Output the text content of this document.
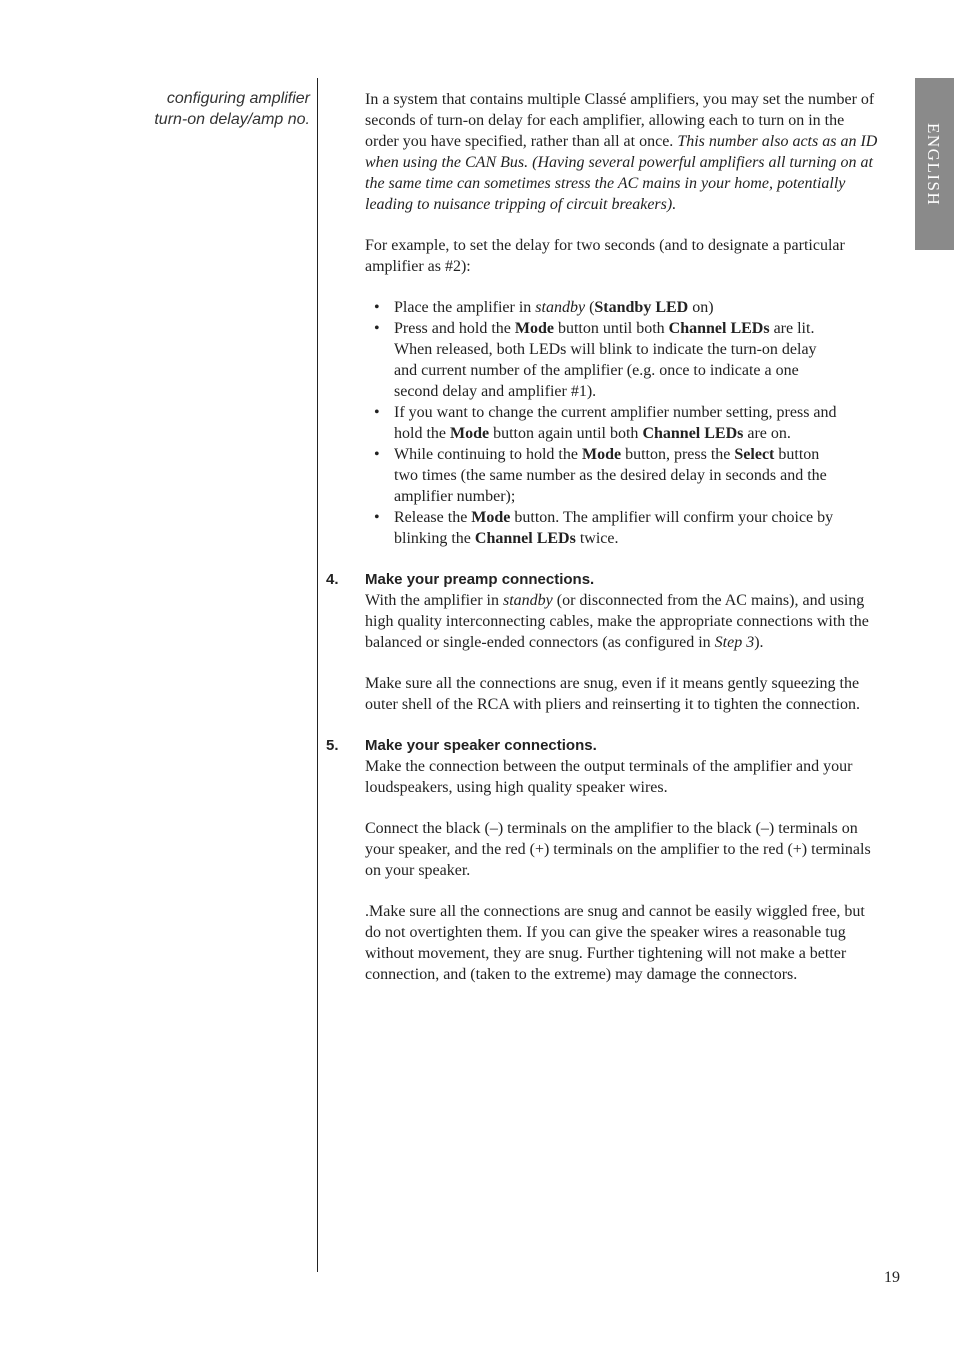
configuring amplifier
turn-on delay/amp no.
ENGLISH

In a system that contains multiple Classé amplifiers, you may set the number of seconds of turn-on delay for each amplifier, allowing each to turn on in the order you have specified, rather than all at once. This number also acts as an ID when using the CAN Bus. (Having several powerful amplifiers all turning on at the same time can sometimes stress the AC mains in your home, potentially leading to nuisance tripping of circuit breakers).

For example, to set the delay for two seconds (and to designate a particular amplifier as #2):

• Place the amplifier in standby (Standby LED on)
• Press and hold the Mode button until both Channel LEDs are lit. When released, both LEDs will blink to indicate the turn-on delay and current number of the amplifier (e.g. once to indicate a one second delay and amplifier #1).
• If you want to change the current amplifier number setting, press and hold the Mode button again until both Channel LEDs are on.
• While continuing to hold the Mode button, press the Select button two times (the same number as the desired delay in seconds and the amplifier number);
• Release the Mode button. The amplifier will confirm your choice by blinking the Channel LEDs twice.
4. Make your preamp connections.

With the amplifier in standby (or disconnected from the AC mains), and using high quality interconnecting cables, make the appropriate connections with the balanced or single-ended connectors (as configured in Step 3).

Make sure all the connections are snug, even if it means gently squeezing the outer shell of the RCA with pliers and reinserting it to tighten the connection.

5. Make your speaker connections.

Make the connection between the output terminals of the amplifier and your loudspeakers, using high quality speaker wires.

Connect the black (–) terminals on the amplifier to the black (–) terminals on your speaker, and the red (+) terminals on the amplifier to the red (+) terminals on your speaker.

.Make sure all the connections are snug and cannot be easily wiggled free, but do not overtighten them. If you can give the speaker wires a reasonable tug without movement, they are snug. Further tightening will not make a better connection, and (taken to the extreme) may damage the connectors.

19
